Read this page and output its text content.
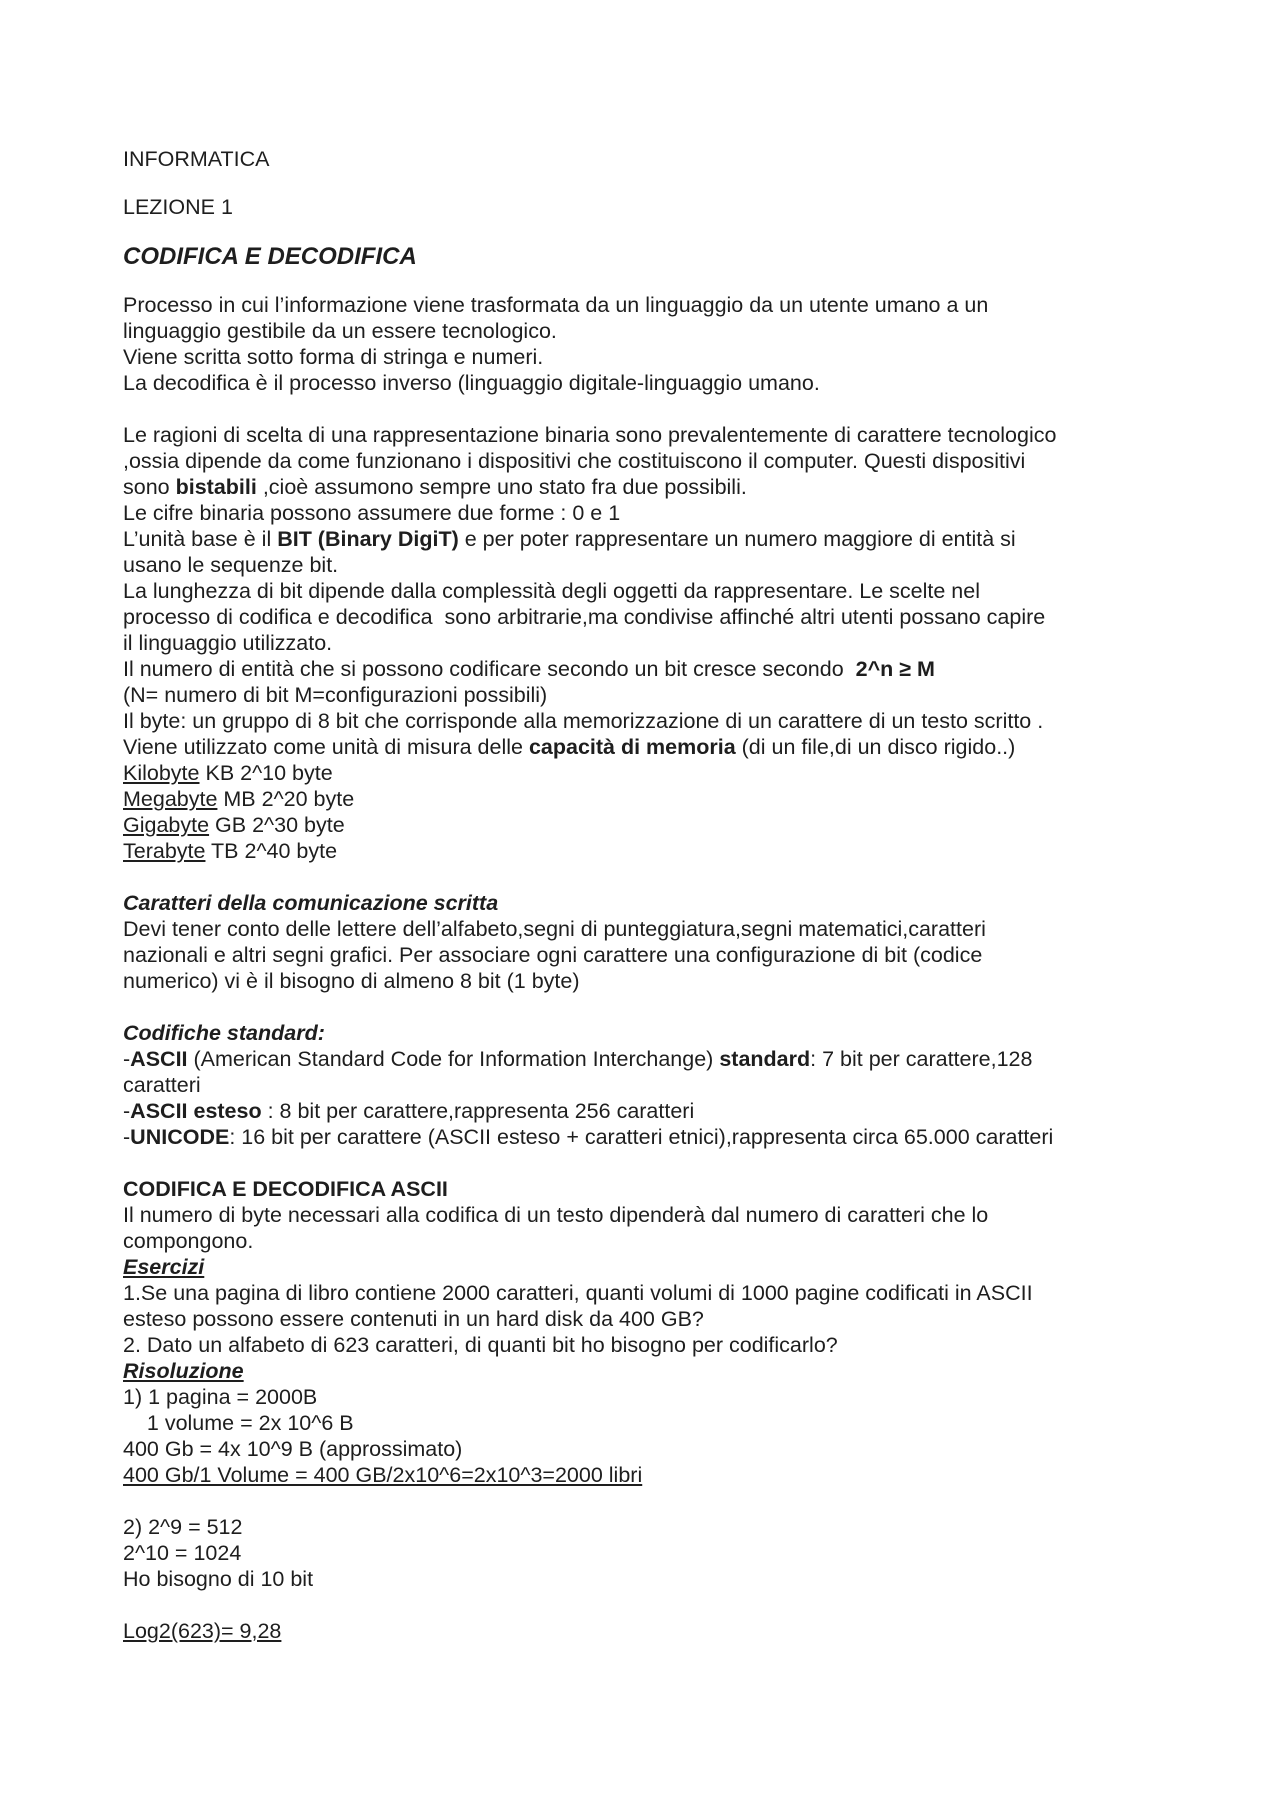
INFORMATICA
LEZIONE 1
CODIFICA E DECODIFICA
Processo in cui l’informazione viene trasformata da un linguaggio da un utente umano a un
linguaggio gestibile da un essere tecnologico.
Viene scritta sotto forma di stringa e numeri.
La decodifica è il processo inverso (linguaggio digitale-linguaggio umano.
Le ragioni di scelta di una rappresentazione binaria sono prevalentemente di carattere tecnologico
,ossia dipende da come funzionano i dispositivi che costituiscono il computer. Questi dispositivi
sono bistabili ,cioè assumono sempre uno stato fra due possibili.
Le cifre binaria possono assumere due forme : 0 e 1
L’unità base è il BIT (Binary DigiT) e per poter rappresentare un numero maggiore di entità si
usano le sequenze bit.
La lunghezza di bit dipende dalla complessità degli oggetti da rappresentare. Le scelte nel
processo di codifica e decodifica  sono arbitrarie,ma condivise affinché altri utenti possano capire
il linguaggio utilizzato.
Il numero di entità che si possono codificare secondo un bit cresce secondo  2^n ≥ M
(N= numero di bit M=configurazioni possibili)
Il byte: un gruppo di 8 bit che corrisponde alla memorizzazione di un carattere di un testo scritto .
Viene utilizzato come unità di misura delle capacità di memoria (di un file,di un disco rigido..)
Kilobyte KB 2^10 byte
Megabyte MB 2^20 byte
Gigabyte GB 2^30 byte
Terabyte TB 2^40 byte
Caratteri della comunicazione scritta
Devi tener conto delle lettere dell’alfabeto,segni di punteggiatura,segni matematici,caratteri
nazionali e altri segni grafici. Per associare ogni carattere una configurazione di bit (codice
numerico) vi è il bisogno di almeno 8 bit (1 byte)
Codifiche standard:
-ASCII (American Standard Code for Information Interchange) standard: 7 bit per carattere,128
caratteri
-ASCII esteso : 8 bit per carattere,rappresenta 256 caratteri
-UNICODE: 16 bit per carattere (ASCII esteso + caratteri etnici),rappresenta circa 65.000 caratteri
CODIFICA E DECODIFICA ASCII
Il numero di byte necessari alla codifica di un testo dipenderà dal numero di caratteri che lo
compongono.
Esercizi
1.Se una pagina di libro contiene 2000 caratteri, quanti volumi di 1000 pagine codificati in ASCII
esteso possono essere contenuti in un hard disk da 400 GB?
2. Dato un alfabeto di 623 caratteri, di quanti bit ho bisogno per codificarlo?
Risoluzione
1) 1 pagina = 2000B
1 volume = 2x 10^6 B
400 Gb = 4x 10^9 B (approssimato)
400 Gb/1 Volume = 400 GB/2x10^6=2x10^3=2000 libri
2) 2^9 = 512
2^10 = 1024
Ho bisogno di 10 bit
Log2(623)= 9,28
